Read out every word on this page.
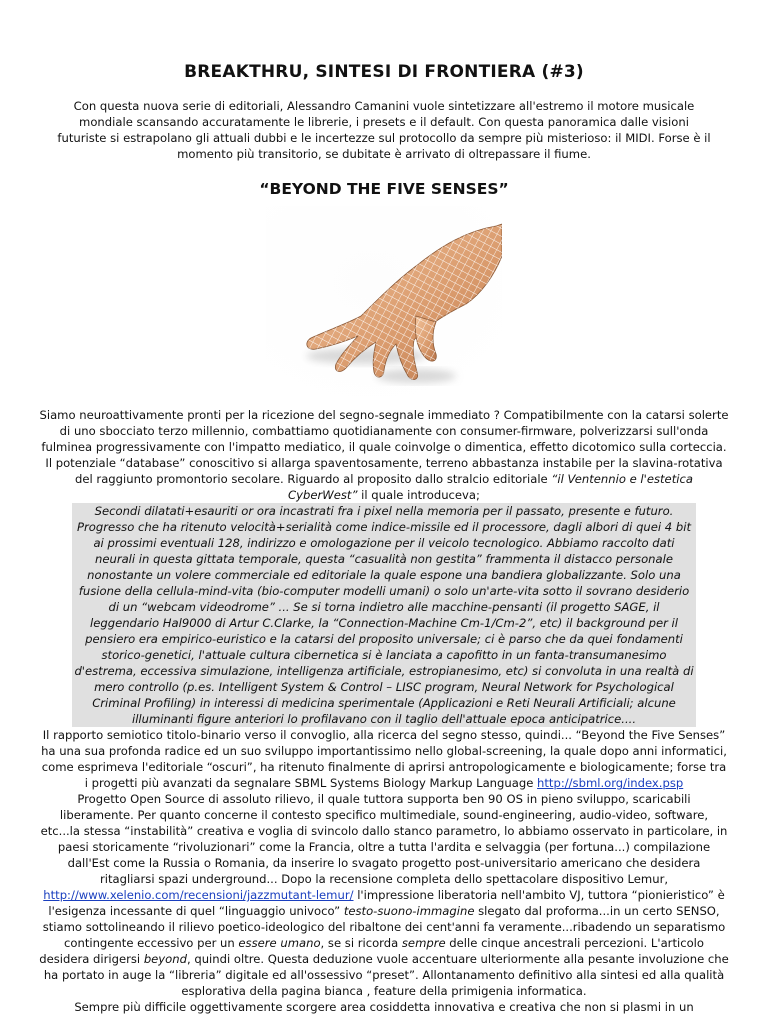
BREAKTHRU, SINTESI DI FRONTIERA (#3)
Con questa nuova serie di editoriali, Alessandro Camanini vuole sintetizzare all'estremo il motore musicale mondiale scansando accuratamente le librerie, i presets e il default. Con questa panoramica dalle visioni futuriste si estrapolano gli attuali dubbi e le incertezze sul protocollo da sempre più misterioso: il MIDI. Forse è il momento più transitorio, se dubitate è arrivato di oltrepassare il fiume.
“BEYOND THE FIVE SENSES”
Siamo neuroattivamente pronti per la ricezione del segno-segnale immediato ? Compatibilmente con la catarsi solerte di uno sbocciato terzo millennio, combattiamo quotidianamente con consumer-firmware, polverizzarsi sull'onda fulminea progressivamente con l'impatto mediatico, il quale coinvolge o dimentica, effetto dicotomico sulla corteccia. Il potenziale “database” conoscitivo si allarga spaventosamente, terreno abbastanza instabile per la slavina-rotativa del raggiunto promontorio secolare. Riguardo al proposito dallo stralcio editoriale “il Ventennio e l'estetica CyberWest” il quale introduceva;
Secondi dilatati+esauriti or ora incastrati fra i pixel nella memoria per il passato, presente e futuro. Progresso che ha ritenuto velocità+serialità come indice-missile ed il processore, dagli albori di quei 4 bit ai prossimi eventuali 128, indirizzo e omologazione per il veicolo tecnologico. Abbiamo raccolto dati neurali in questa gittata temporale, questa “casualità non gestita” frammenta il distacco personale nonostante un volere commerciale ed editoriale la quale espone una bandiera globalizzante. Solo una fusione della cellula-mind-vita (bio-computer modelli umani) o solo un'arte-vita sotto il sovrano desiderio di un “webcam videodrome” ... Se si torna indietro alle macchine-pensanti (il progetto SAGE, il leggendario Hal9000 di Artur C.Clarke, la “Connection-Machine Cm-1/Cm-2”, etc) il background per il pensiero era empirico-euristico e la catarsi del proposito universale; ci è parso che da quei fondamenti storico-genetici, l'attuale cultura cibernetica si è lanciata a capofitto in un fanta-transumanesimo d'estrema, eccessiva simulazione, intelligenza artificiale, estropianesimo, etc) si convoluta in una realtà di mero controllo (p.es. Intelligent System & Control – LISC program, Neural Network for Psychological Criminal Profiling) in interessi di medicina sperimentale (Applicazioni e Reti Neurali Artificiali; alcune illuminanti figure anteriori lo profilavano con il taglio dell'attuale epoca anticipatrice....
Il rapporto semiotico titolo-binario verso il convoglio, alla ricerca del segno stesso, quindi... “Beyond the Five Senses” ha una sua profonda radice ed un suo sviluppo importantissimo nello global-screening, la quale dopo anni informatici, come esprimeva l'editoriale “oscuri”, ha ritenuto finalmente di aprirsi antropologicamente e biologicamente; forse tra i progetti più avanzati da segnalare SBML Systems Biology Markup Language http://sbml.org/index.psp
Progetto Open Source di assoluto rilievo, il quale tuttora supporta ben 90 OS in pieno sviluppo, scaricabili liberamente. Per quanto concerne il contesto specifico multimediale, sound-engineering, audio-video, software, etc...la stessa “instabilità” creativa e voglia di svincolo dallo stanco parametro, lo abbiamo osservato in particolare, in paesi storicamente “rivoluzionari” come la Francia, oltre a tutta l'ardita e selvaggia (per fortuna...) compilazione dall'Est come la Russia o Romania, da inserire lo svagato progetto post-universitario americano che desidera ritagliarsi spazi underground... Dopo la recensione completa dello spettacolare dispositivo Lemur, http://www.xelenio.com/recensioni/jazzmutant-lemur/ l'impressione liberatoria nell'ambito VJ, tuttora “pionieristico” è l'esigenza incessante di quel “linguaggio univoco” testo-suono-immagine slegato dal proforma...in un certo SENSO, stiamo sottolineando il rilievo poetico-ideologico del ribaltone dei cent'anni fa veramente...ribadendo un separatismo contingente eccessivo per un essere umano, se si ricorda sempre delle cinque ancestrali percezioni. L'articolo desidera dirigersi beyond, quindi oltre. Questa deduzione vuole accentuare ulteriormente alla pesante involuzione che ha portato in auge la “libreria” digitale ed all'ossessivo “preset”. Allontanamento definitivo alla sintesi ed alla qualità esplorativa della pagina bianca , feature della primigenia informatica.
Sempre più difficile oggettivamente scorgere area cosiddetta innovativa e creativa che non si plasmi in un
